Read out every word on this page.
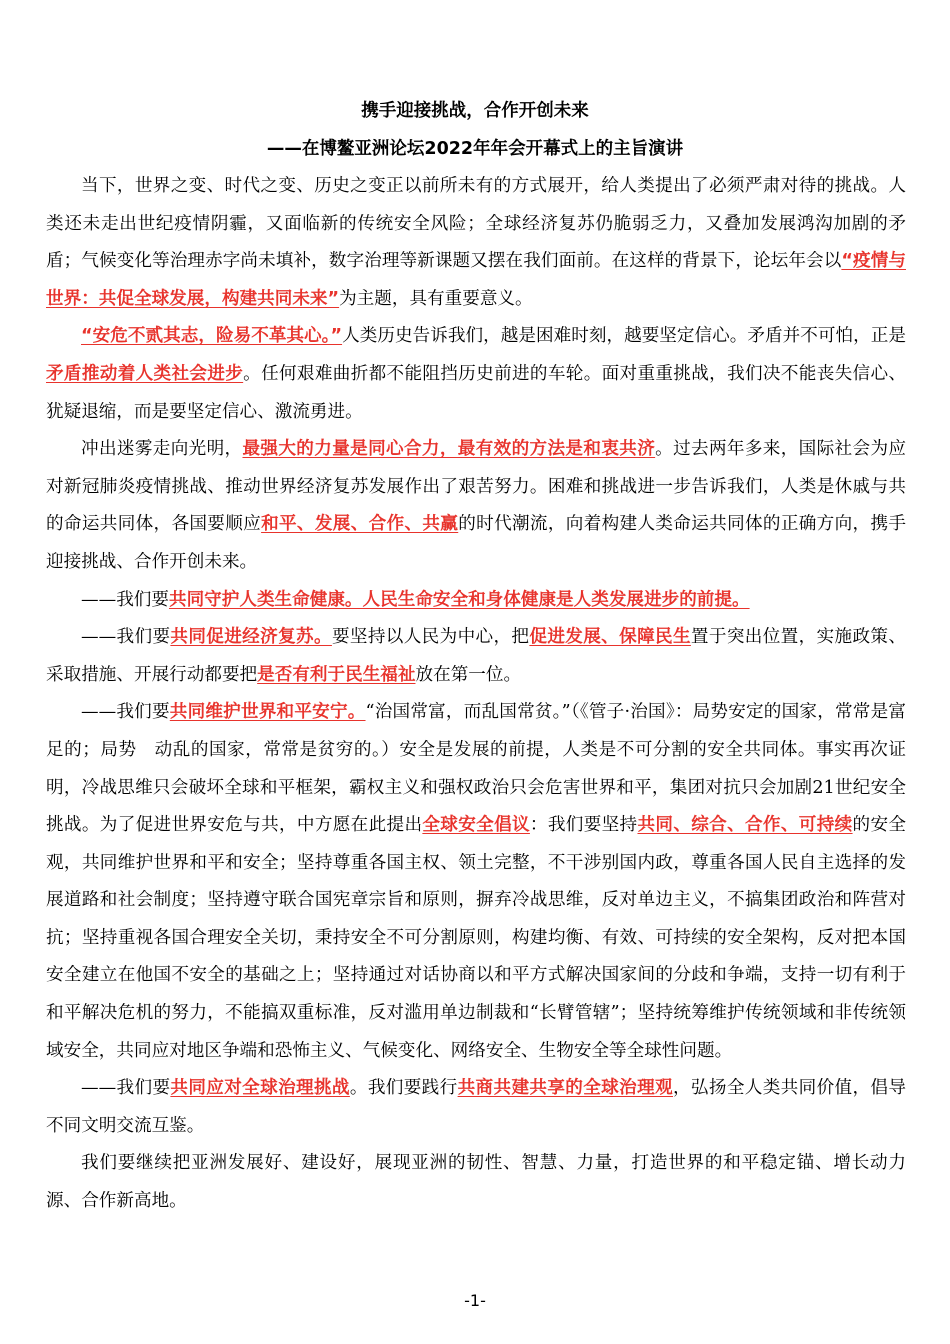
携手迎接挑战，合作开创未来
——在博鳌亚洲论坛2022年年会开幕式上的主旨演讲

当下，世界之变、时代之变、历史之变正以前所未有的方式展开，给人类提出了必须严肃对待的挑战。人类还未走出世纪疫情阴霾，又面临新的传统安全风险；全球经济复苏仍脆弱乏力，又叠加发展鸿沟加剧的矛盾；气候变化等治理赤字尚未填补，数字治理等新课题又摆在我们面前。在这样的背景下，论坛年会以“疫情与世界：共促全球发展，构建共同未来”为主题，具有重要意义。

“安危不贰其志，险易不革其心。”人类历史告诉我们，越是困难时刻，越要坚定信心。矛盾并不可怕，正是矛盾推动着人类社会进步。任何艰难曲折都不能阻挡历史前进的车轮。面对重重挑战，我们决不能丧失信心、犹疑退缩，而是要坚定信心、激流勇进。

冲出迷雾走向光明，最强大的力量是同心合力，最有效的方法是和衷共济。过去两年多来，国际社会为应对新冠肺炎疫情挑战、推动世界经济复苏发展作出了艰苦努力。困难和挑战进一步告诉我们，人类是休戚与共的命运共同体，各国要顺应和平、发展、合作、共赢的时代潮流，向着构建人类命运共同体的正确方向，携手迎接挑战、合作开创未来。

——我们要共同守护人类生命健康。人民生命安全和身体健康是人类发展进步的前提。

——我们要共同促进经济复苏。要坚持以人民为中心，把促进发展、保障民生置于突出位置，实施政策、采取措施、开展行动都要把是否有利于民生福祉放在第一位。

——我们要共同维护世界和平安宁。“治国常富，而乱国常贫。”（《管子·治国》：局势安定的国家，常常是富足的；局势　动乱的国家，常常是贫穷的。）安全是发展的前提，人类是不可分割的安全共同体。事实再次证明，冷战思维只会破坏全球和平框架，霸权主义和强权政治只会危害世界和平，集团对抗只会加剧21世纪安全挑战。为了促进世界安危与共，中方愿在此提出全球安全倡议：我们要坚持共同、综合、合作、可持续的安全观，共同维护世界和平和安全；坚持尊重各国主权、领土完整，不干涉别国内政，尊重各国人民自主选择的发展道路和社会制度；坚持遵守联合国宪章宗旨和原则，摒弃冷战思维，反对单边主义，不搞集团政治和阵营对抗；坚持重视各国合理安全关切，秉持安全不可分割原则，构建均衡、有效、可持续的安全架构，反对把本国安全建立在他国不安全的基础之上；坚持通过对话协商以和平方式解决国家间的分歧和争端，支持一切有利于和平解决危机的努力，不能搞双重标准，反对滥用单边制裁和“长臂管辖”；坚持统筹维护传统领域和非传统领域安全，共同应对地区争端和恐怖主义、气候变化、网络安全、生物安全等全球性问题。

——我们要共同应对全球治理挑战。我们要践行共商共建共享的全球治理观，弘扬全人类共同价值，倡导不同文明交流互鉴。

我们要继续把亚洲发展好、建设好，展现亚洲的韧性、智慧、力量，打造世界的和平稳定锚、增长动力源、合作新高地。

-1-
